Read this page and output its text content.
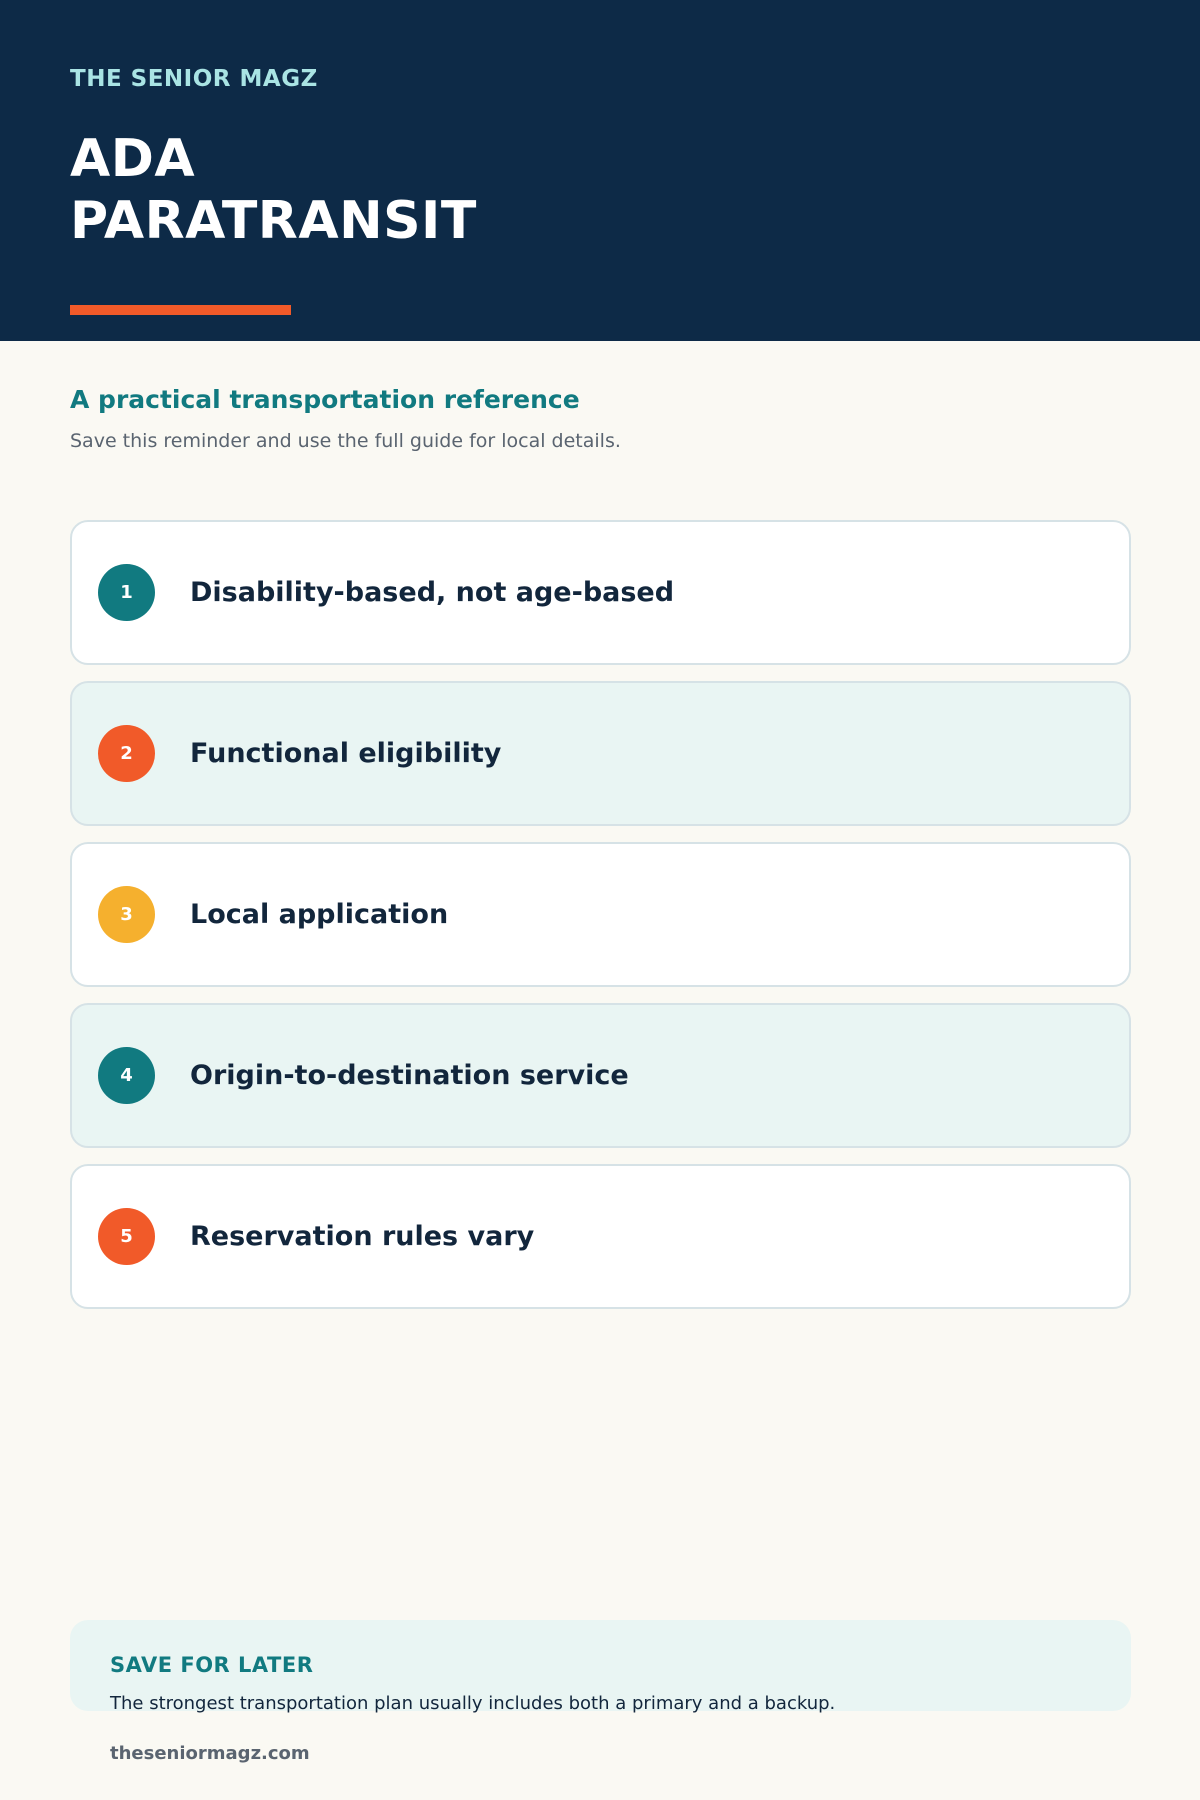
THE SENIOR MAGZ
ADA
PARATRANSIT
A practical transportation reference
Save this reminder and use the full guide for local details.
1	Disability-based, not age-based
2	Functional eligibility
3	Local application
4	Origin-to-destination service
5	Reservation rules vary
SAVE FOR LATER
The strongest transportation plan usually includes both a primary and a backup.
theseniormagz.com
